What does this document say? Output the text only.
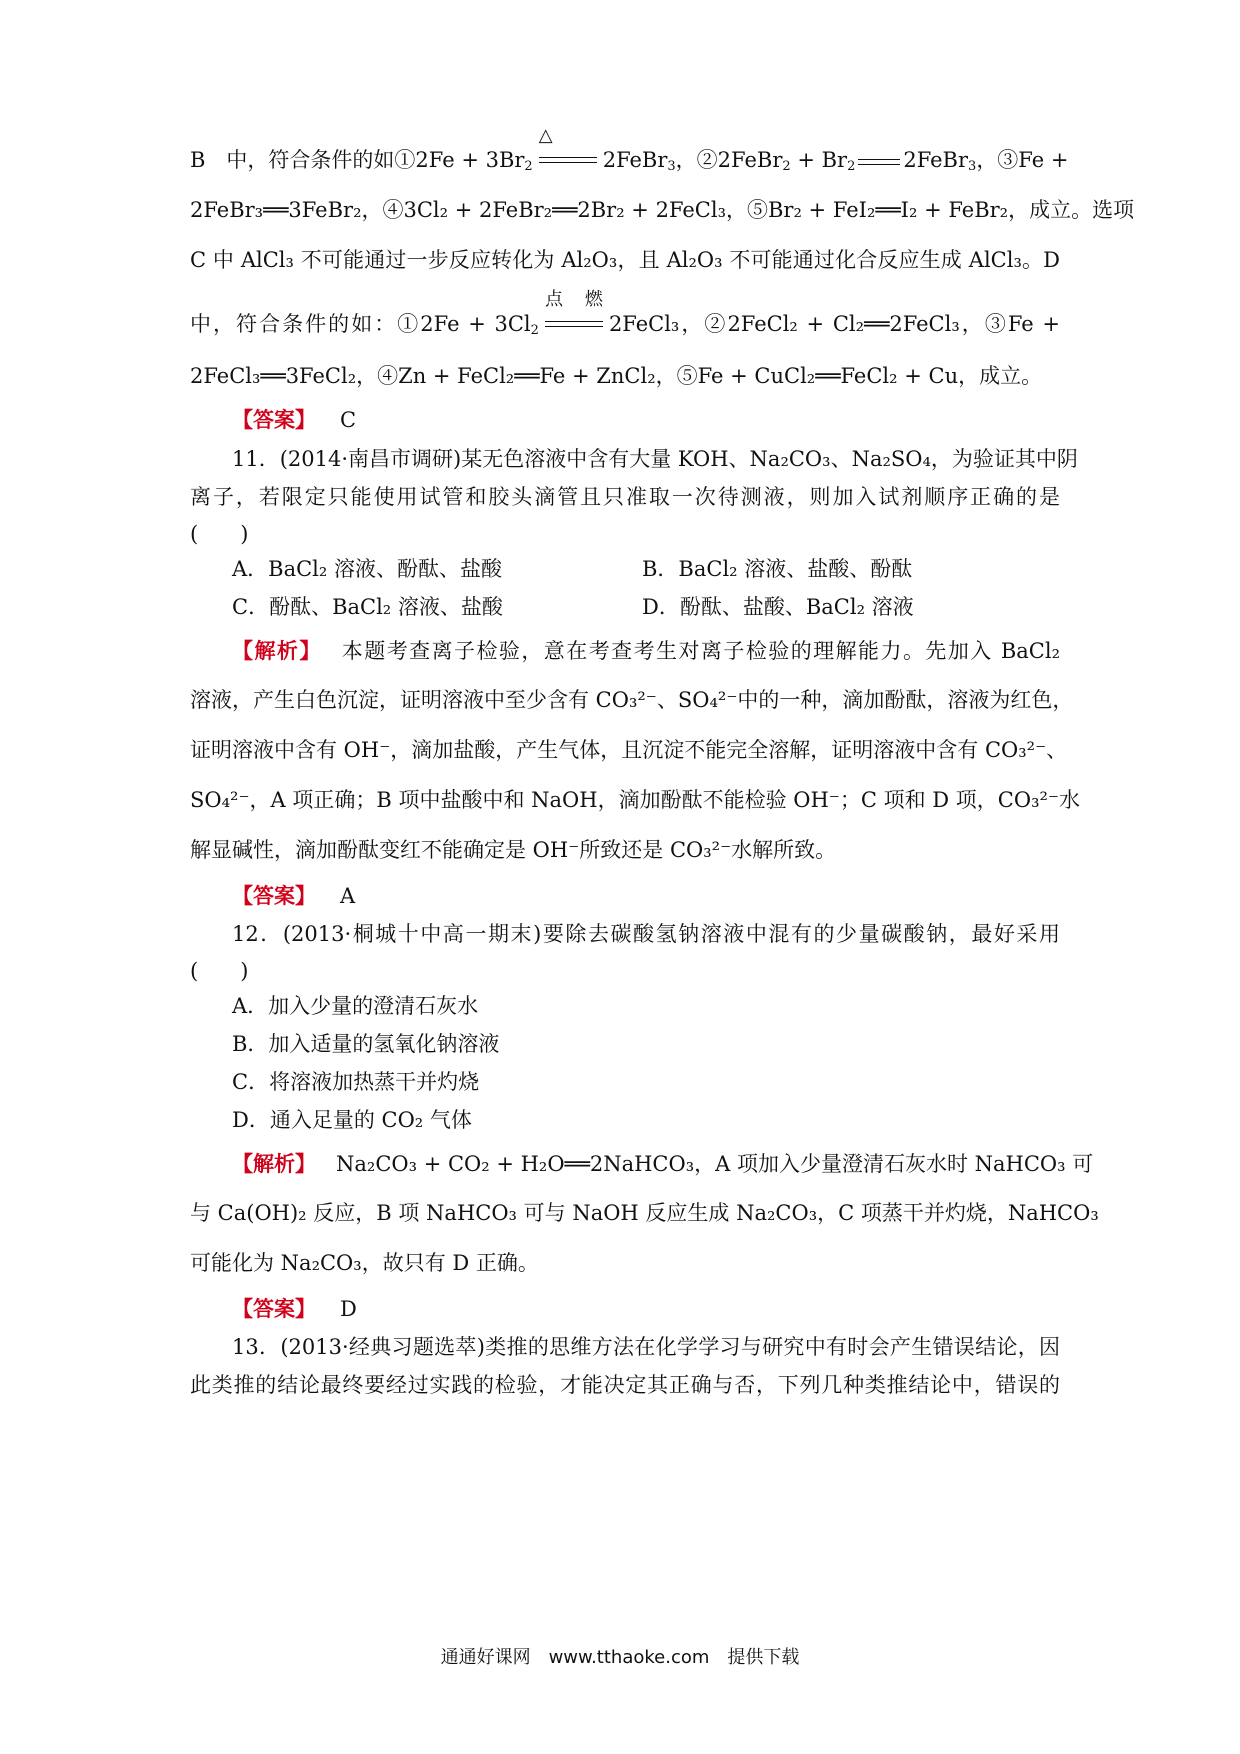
B　中，符合条件的如①2Fe + $3Br_2$
△
2FeBr$_3$，②2FeBr$_2$ + $Br_2$ 2FeBr$_3$，③Fe +
2FeBr₃══3FeBr₂，④3Cl₂ + 2FeBr₂══2Br₂ + 2FeCl₃，⑤Br₂ + FeI₂══I₂ + FeBr₂，成立。选项
C 中 AlCl₃ 不可能通过一步反应转化为 Al₂O₃，且 Al₂O₃ 不可能通过化合反应生成 AlCl₃。D
中，符合条件的如：①2Fe + $3Cl_2$
点燃
2FeCl₃，②2FeCl₂ + Cl₂══2FeCl₃，③Fe +
2FeCl₃══3FeCl₂，④Zn + FeCl₂══Fe + ZnCl₂，⑤Fe + CuCl₂══FeCl₂ + Cu，成立。
【答案】 C
11．(2014·南昌市调研)某无色溶液中含有大量 KOH、Na₂CO₃、Na₂SO₄，为验证其中阴
离子，若限定只能使用试管和胶头滴管且只准取一次待测液，则加入试剂顺序正确的是
(　　)
A．BaCl₂ 溶液、酚酞、盐酸	B．BaCl₂ 溶液、盐酸、酚酞
C．酚酞、BaCl₂ 溶液、盐酸	D．酚酞、盐酸、BaCl₂ 溶液
【解析】 本题考查离子检验，意在考查考生对离子检验的理解能力。先加入 BaCl₂
溶液，产生白色沉淀，证明溶液中至少含有 CO₃²⁻、SO₄²⁻中的一种，滴加酚酞，溶液为红色，
证明溶液中含有 OH⁻，滴加盐酸，产生气体，且沉淀不能完全溶解，证明溶液中含有 CO₃²⁻、
SO₄²⁻，A 项正确；B 项中盐酸中和 NaOH，滴加酚酞不能检验 OH⁻；C 项和 D 项，CO₃²⁻水
解显碱性，滴加酚酞变红不能确定是 OH⁻所致还是 CO₃²⁻水解所致。
【答案】 A
12．(2013·桐城十中高一期末)要除去碳酸氢钠溶液中混有的少量碳酸钠，最好采用
(　　)
A．加入少量的澄清石灰水
B．加入适量的氢氧化钠溶液
C．将溶液加热蒸干并灼烧
D．通入足量的 CO₂ 气体
【解析】 Na₂CO₃ + CO₂ + H₂O══2NaHCO₃，A 项加入少量澄清石灰水时 NaHCO₃ 可
与 Ca(OH)₂ 反应，B 项 NaHCO₃ 可与 NaOH 反应生成 Na₂CO₃，C 项蒸干并灼烧，NaHCO₃
可能化为 Na₂CO₃，故只有 D 正确。
【答案】 D
13．(2013·经典习题选萃)类推的思维方法在化学学习与研究中有时会产生错误结论，因
此类推的结论最终要经过实践的检验，才能决定其正确与否，下列几种类推结论中，错误的
通通好课网　www.tthaoke.com　提供下载
